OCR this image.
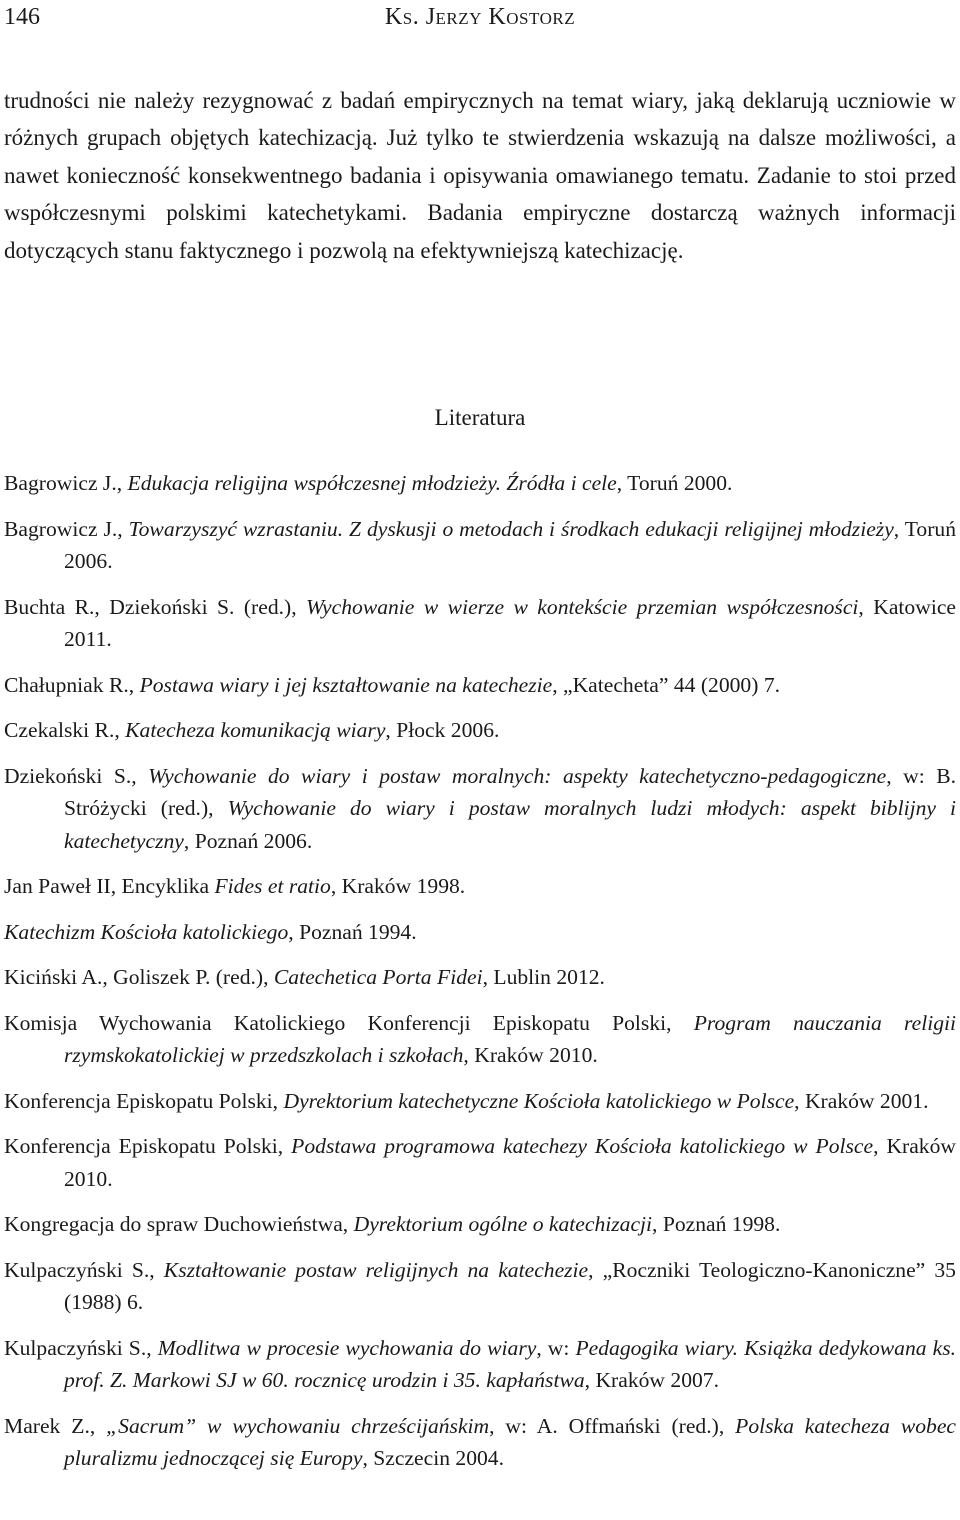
146	Ks. Jerzy Kostorz

trudności nie należy rezygnować z badań empirycznych na temat wiary, jaką deklarują uczniowie w różnych grupach objętych katechizacją. Już tylko te stwierdzenia wskazują na dalsze możliwości, a nawet konieczność konsekwentnego badania i opisywania omawianego tematu. Zadanie to stoi przed współczesnymi polskimi katechetykami. Badania empiryczne dostarczą ważnych informacji dotyczących stanu faktycznego i pozwolą na efektywniejszą katechizację.

Literatura
Bagrowicz J., Edukacja religijna współczesnej młodzieży. Źródła i cele, Toruń 2000.
Bagrowicz J., Towarzyszyć wzrastaniu. Z dyskusji o metodach i środkach edukacji religijnej młodzieży, Toruń 2006.
Buchta R., Dziekoński S. (red.), Wychowanie w wierze w kontekście przemian współczesności, Katowice 2011.
Chałupniak R., Postawa wiary i jej kształtowanie na katechezie, „Katecheta” 44 (2000) 7.
Czekalski R., Katecheza komunikacją wiary, Płock 2006.
Dziekoński S., Wychowanie do wiary i postaw moralnych: aspekty katechetyczno-pedagogiczne, w: B. Stróżycki (red.), Wychowanie do wiary i postaw moralnych ludzi młodych: aspekt biblijny i katechetyczny, Poznań 2006.
Jan Paweł II, Encyklika Fides et ratio, Kraków 1998.
Katechizm Kościoła katolickiego, Poznań 1994.
Kiciński A., Goliszek P. (red.), Catechetica Porta Fidei, Lublin 2012.
Komisja Wychowania Katolickiego Konferencji Episkopatu Polski, Program nauczania religii rzymskokatolickiej w przedszkolach i szkołach, Kraków 2010.
Konferencja Episkopatu Polski, Dyrektorium katechetyczne Kościoła katolickiego w Polsce, Kraków 2001.
Konferencja Episkopatu Polski, Podstawa programowa katechezy Kościoła katolickiego w Polsce, Kraków 2010.
Kongregacja do spraw Duchowieństwa, Dyrektorium ogólne o katechizacji, Poznań 1998.
Kulpaczyński S., Kształtowanie postaw religijnych na katechezie, „Roczniki Teologiczno-Kanoniczne” 35 (1988) 6.
Kulpaczyński S., Modlitwa w procesie wychowania do wiary, w: Pedagogika wiary. Książka dedykowana ks. prof. Z. Markowi SJ w 60. rocznicę urodzin i 35. kapłaństwa, Kraków 2007.
Marek Z., „Sacrum” w wychowaniu chrześcijańskim, w: A. Offmański (red.), Polska katecheza wobec pluralizmu jednoczącej się Europy, Szczecin 2004.
